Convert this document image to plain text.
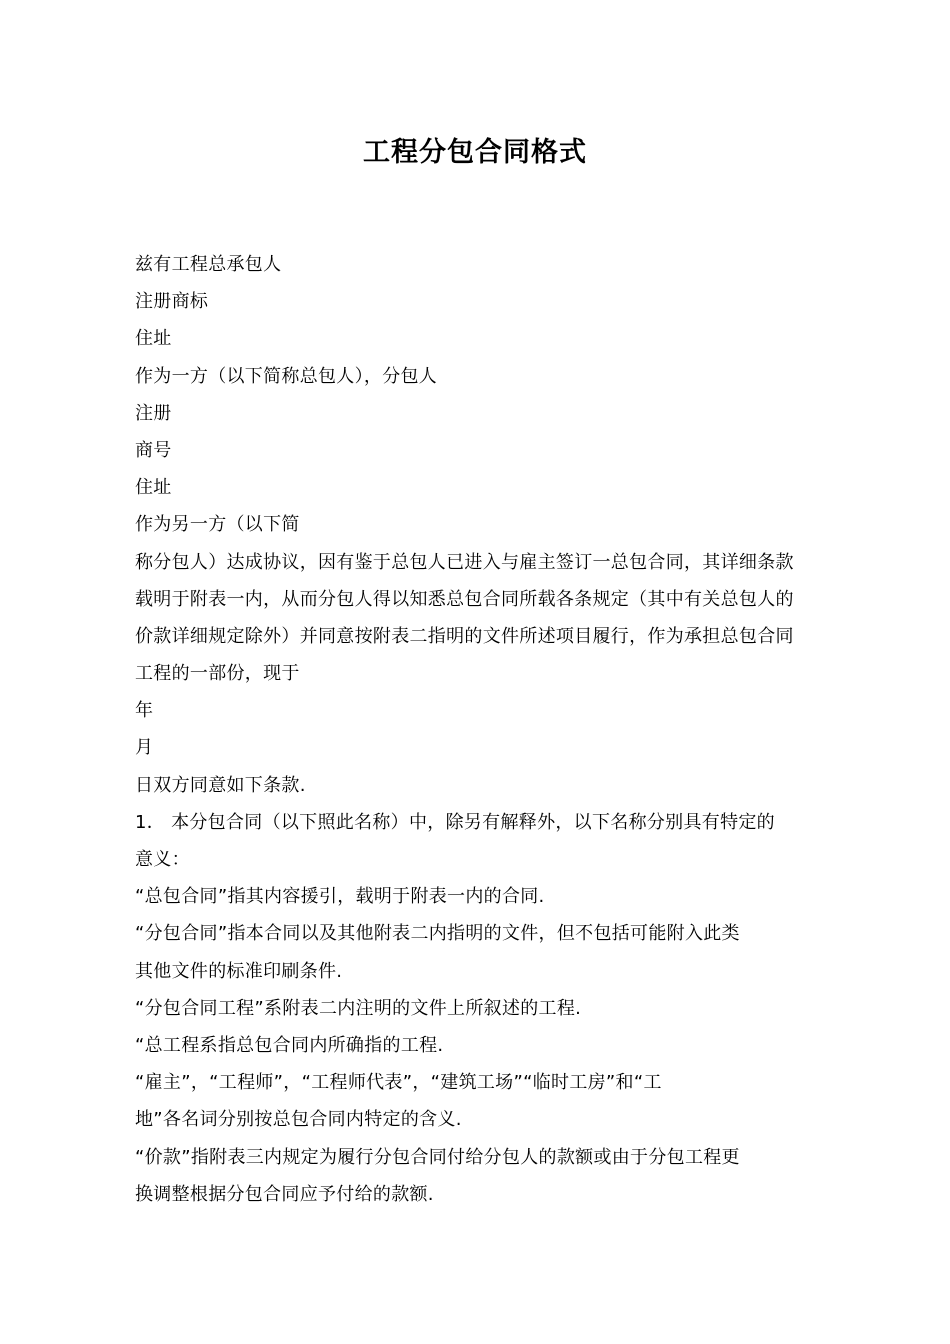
工程分包合同格式
兹有工程总承包人
注册商标
住址
作为一方（以下简称总包人），分包人
注册
商号
住址
作为另一方（以下简
称分包人）达成协议，因有鉴于总包人已进入与雇主签订一总包合同，其详细条款
载明于附表一内，从而分包人得以知悉总包合同所载各条规定（其中有关总包人的
价款详细规定除外）并同意按附表二指明的文件所述项目履行，作为承担总包合同
工程的一部份，现于
年
月
日双方同意如下条款.
1． 本分包合同（以下照此名称）中，除另有解释外，以下名称分别具有特定的
意义：
“总包合同”指其内容援引，载明于附表一内的合同.
“分包合同”指本合同以及其他附表二内指明的文件，但不包括可能附入此类
其他文件的标准印刷条件.
“分包合同工程”系附表二内注明的文件上所叙述的工程.
“总工程系指总包合同内所确指的工程.
“雇主”，“工程师”，“工程师代表”，“建筑工场”“临时工房”和“工
地”各名词分别按总包合同内特定的含义.
“价款”指附表三内规定为履行分包合同付给分包人的款额或由于分包工程更
换调整根据分包合同应予付给的款额.
